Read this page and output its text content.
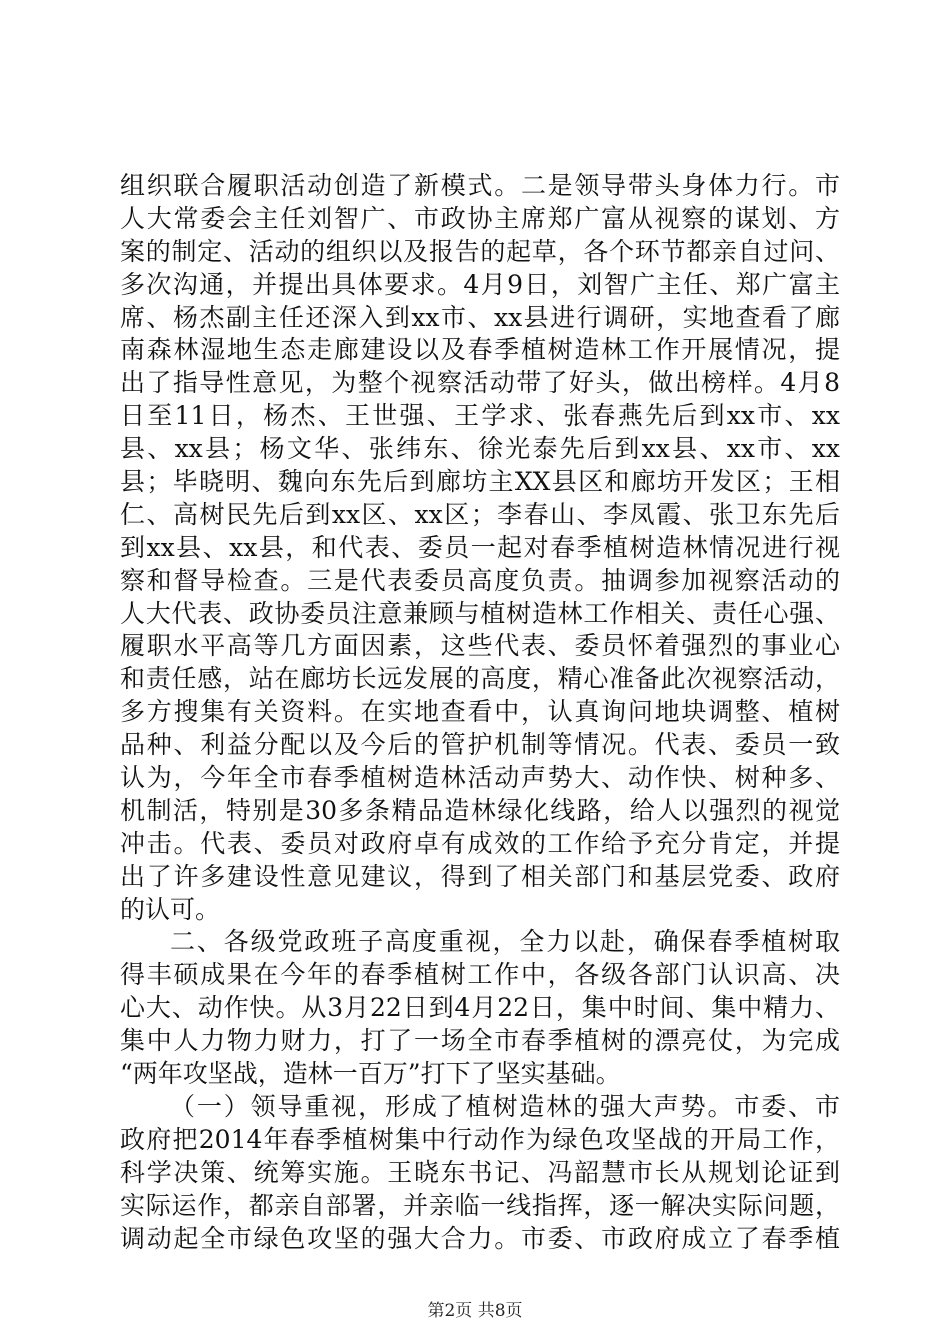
组织联合履职活动创造了新模式。二是领导带头身体力行。市
人大常委会主任刘智广、市政协主席郑广富从视察的谋划、方
案的制定、活动的组织以及报告的起草，各个环节都亲自过问、
多次沟通，并提出具体要求。4月9日，刘智广主任、郑广富主
席、杨杰副主任还深入到xx市、xx县进行调研，实地查看了廊
南森林湿地生态走廊建设以及春季植树造林工作开展情况，提
出了指导性意见，为整个视察活动带了好头，做出榜样。4月8
日至11日，杨杰、王世强、王学求、张春燕先后到xx市、xx
县、xx县；杨文华、张纬东、徐光泰先后到xx县、xx市、xx
县；毕晓明、魏向东先后到廊坊主XX县区和廊坊开发区；王相
仁、高树民先后到xx区、xx区；李春山、李凤霞、张卫东先后
到xx县、xx县，和代表、委员一起对春季植树造林情况进行视
察和督导检查。三是代表委员高度负责。抽调参加视察活动的
人大代表、政协委员注意兼顾与植树造林工作相关、责任心强、
履职水平高等几方面因素，这些代表、委员怀着强烈的事业心
和责任感，站在廊坊长远发展的高度，精心准备此次视察活动，
多方搜集有关资料。在实地查看中，认真询问地块调整、植树
品种、利益分配以及今后的管护机制等情况。代表、委员一致
认为，今年全市春季植树造林活动声势大、动作快、树种多、
机制活，特别是30多条精品造林绿化线路，给人以强烈的视觉
冲击。代表、委员对政府卓有成效的工作给予充分肯定，并提
出了许多建设性意见建议，得到了相关部门和基层党委、政府
的认可。
二、各级党政班子高度重视，全力以赴，确保春季植树取
得丰硕成果在今年的春季植树工作中，各级各部门认识高、决
心大、动作快。从3月22日到4月22日，集中时间、集中精力、
集中人力物力财力，打了一场全市春季植树的漂亮仗，为完成
“两年攻坚战，造林一百万”打下了坚实基础。
（一）领导重视，形成了植树造林的强大声势。市委、市
政府把2014年春季植树集中行动作为绿色攻坚战的开局工作，
科学决策、统筹实施。王晓东书记、冯韶慧市长从规划论证到
实际运作，都亲自部署，并亲临一线指挥，逐一解决实际问题，
调动起全市绿色攻坚的强大合力。市委、市政府成立了春季植
第2页 共8页
